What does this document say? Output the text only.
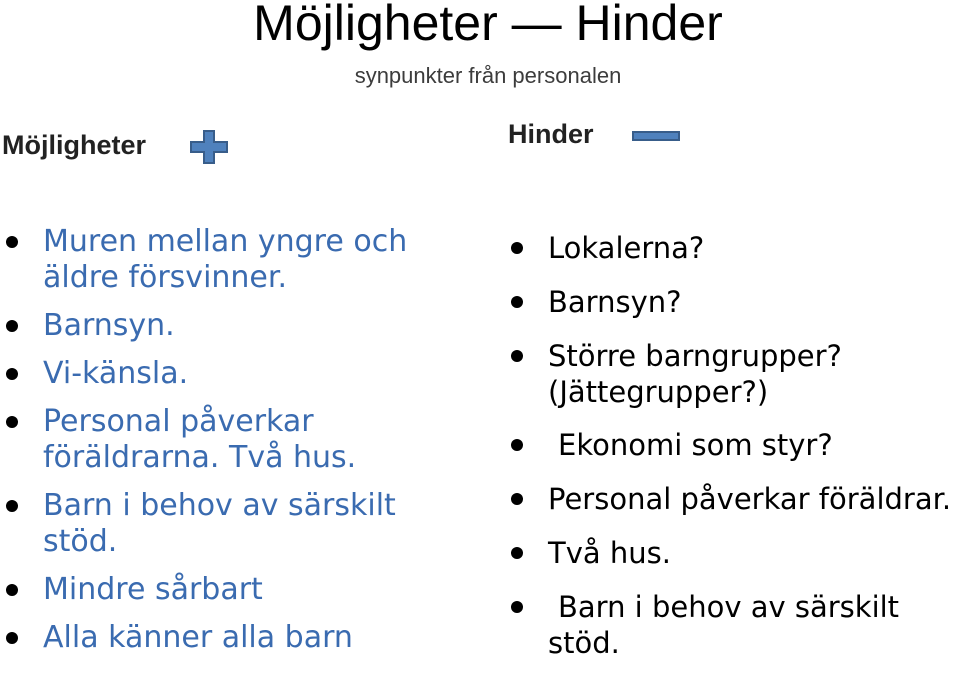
Möjligheter — Hinder
synpunkter från personalen
Möjligheter	Hinder
Muren mellan yngre och
äldre försvinner.
Barnsyn.
Vi-känsla.
Personal påverkar
föräldrarna. Två hus.
Barn i behov av särskilt
stöd.
Mindre sårbart
Alla känner alla barn
Lokalerna?
Barnsyn?
Större barngrupper?
(Jättegrupper?)
Ekonomi som styr?
Personal påverkar föräldrar.
Två hus.
Barn i behov av särskilt
stöd.
